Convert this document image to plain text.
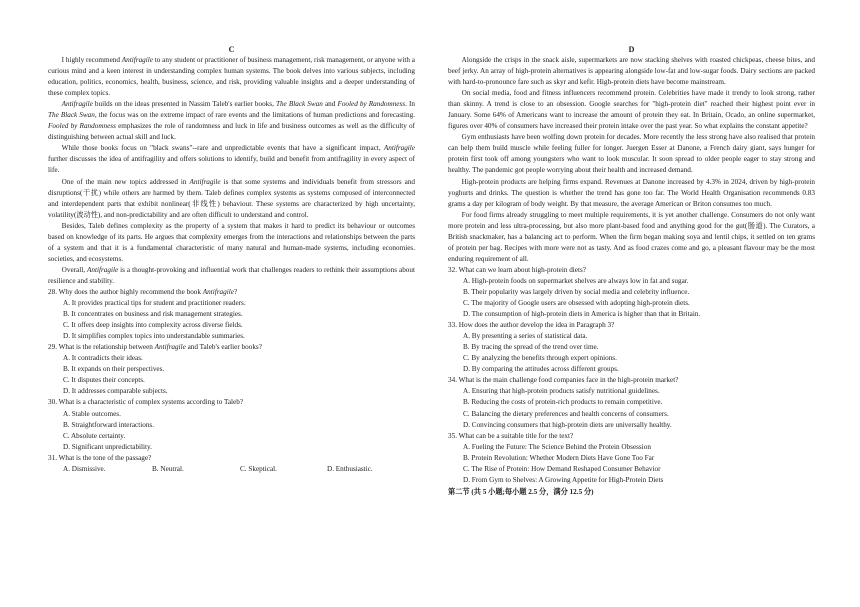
C

I highly recommend Antifragile to any student or practitioner of business management, risk management, or anyone with a curious mind and a keen interest in understanding complex human systems. The book delves into various subjects, including education, politics, economics, health, business, science, and risk, providing valuable insights and a deeper understanding of these complex topics.

Antifragile builds on the ideas presented in Nassim Taleb's earlier books, The Black Swan and Fooled by Randomness. In The Black Swan, the focus was on the extreme impact of rare events and the limitations of human predictions and forecasting. Fooled by Randomness emphasizes the role of randomness and luck in life and business outcomes as well as the difficulty of distinguishing between actual skill and luck.

While those books focus on "black swans"--rare and unpredictable events that have a significant impact, Antifragile further discusses the idea of antifragility and offers solutions to identify, build and benefit from antifragility in every aspect of life.

One of the main new topics addressed in Antifragile is that some systems and individuals benefit from stressors and disruptions(干扰) while others are harmed by them. Taleb defines complex systems as systems composed of interconnected and interdependent parts that exhibit nonlinear(非线性) behaviour. These systems are characterized by high uncertainty, volatility(波动性), and non-predictability and are often difficult to understand and control.

Besides, Taleb defines complexity as the property of a system that makes it hard to predict its behaviour or outcomes based on knowledge of its parts. He argues that complexity emerges from the interactions and relationships between the parts of a system and that it is a fundamental characteristic of many natural and human-made systems, including economies. societies, and ecosystems.

Overall, Antifragile is a thought-provoking and influential work that challenges readers to rethink their assumptions about resilience and stability.

28. Why does the author highly recommend the book Antifragile?

A. It provides practical tips for student and practitioner readers.
B. It concentrates on business and risk management strategies.
C. It offers deep insights into complexity across diverse fields.
D. It simplifies complex topics into understandable summaries.

29. What is the relationship between Antifragile and Taleb's earlier books?

A. It contradicts their ideas.
B. It expands on their perspectives.
C. It disputes their concepts.
D. It addresses comparable subjects.

30. What is a characteristic of complex systems according to Taleb?

A. Stable outcomes.
B. Straightforward interactions.
C. Absolute certainty.
D. Significant unpredictability.

31. What is the tone of the passage?

A. Dismissive.	B. Neutral.	C. Skeptical.	D. Enthusiastic.
D

Alongside the crisps in the snack aisle, supermarkets are now stacking shelves with roasted chickpeas, cheese bites, and beef jerky. An array of high-protein alternatives is appearing alongside low-fat and low-sugar foods. Dairy sections are packed with hard-to-pronounce fare such as skyr and kefir. High-protein diets have become mainstream.

On social media, food and fitness influencers recommend protein. Celebrities have made it trendy to look strong, rather than skinny. A trend is close to an obsession. Google searches for "high-protein diet" reached their highest point ever in January. Some 64% of Americans want to increase the amount of protein they eat. In Britain, Ocado, an online supermarket, figures over 40% of consumers have increased their protein intake over the past year. So what explains the constant appetite?

Gym enthusiasts have been wolfing down protein for decades. More recently the less strong have also realised that protein can help them build muscle while feeling fuller for longer. Juergen Esser at Danone, a French dairy giant, says hunger for protein first took off among youngsters who want to look muscular. It soon spread to older people eager to stay strong and healthy. The pandemic got people worrying about their health and increased demand.

High-protein products are helping firms expand. Revenues at Danone increased by 4.3% in 2024, driven by high-protein yoghurts and drinks. The question is whether the trend has gone too far. The World Health Organisation recommends 0.83 grams a day per kilogram of body weight. By that measure, the average American or Briton consumes too much.

For food firms already struggling to meet multiple requirements, it is yet another challenge. Consumers do not only want more protein and less ultra-processing, but also more plant-based food and anything good for the gut(肠道). The Curators, a British snackmaker, has a balancing act to perform. When the firm began making soya and lentil chips, it settled on ten grams of protein per bag. Recipes with more were not as tasty. And as food crazes come and go, a pleasant flavour may be the most enduring requirement of all.

32. What can we learn about high-protein diets?

A. High-protein foods on supermarket shelves are always low in fat and sugar.
B. Their popularity was largely driven by social media and celebrity influence.
C. The majority of Google users are obsessed with adopting high-protein diets.
D. The consumption of high-protein diets in America is higher than that in Britain.

33. How does the author develop the idea in Paragraph 3?

A. By presenting a series of statistical data.
B. By tracing the spread of the trend over time.
C. By analyzing the benefits through expert opinions.
D. By comparing the attitudes across different groups.

34. What is the main challenge food companies face in the high-protein market?

A. Ensuring that high-protein products satisfy nutritional guidelines.
B. Reducing the costs of protein-rich products to remain competitive.
C. Balancing the dietary preferences and health concerns of consumers.
D. Convincing consumers that high-protein diets are universally healthy.

35. What can be a suitable title for the text?

A. Fueling the Future: The Science Behind the Protein Obsession
B. Protein Revolution: Whether Modern Diets Have Gone Too Far
C. The Rise of Protein: How Demand Reshaped Consumer Behavior
D. From Gym to Shelves: A Growing Appetite for High-Protein Diets
第二节 (共 5 小题;每小题 2.5 分，满分 12.5 分)
